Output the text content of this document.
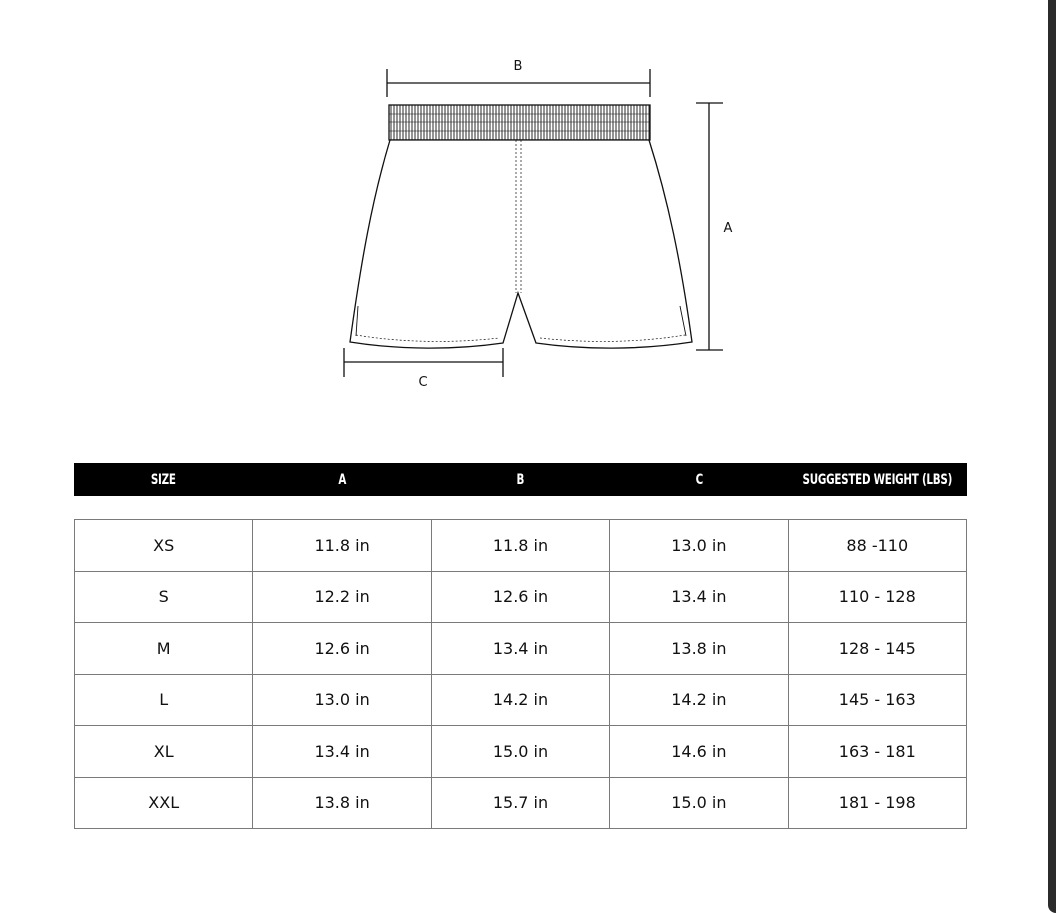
B
A
C
SIZE	A	B	C	SUGGESTED WEIGHT (LBS)
XS	11.8 in	11.8 in	13.0 in	88 -110
S	12.2 in	12.6 in	13.4 in	110 - 128
M	12.6 in	13.4 in	13.8 in	128 - 145
L	13.0 in	14.2 in	14.2 in	145 - 163
XL	13.4 in	15.0 in	14.6 in	163 - 181
XXL	13.8 in	15.7 in	15.0 in	181 - 198
